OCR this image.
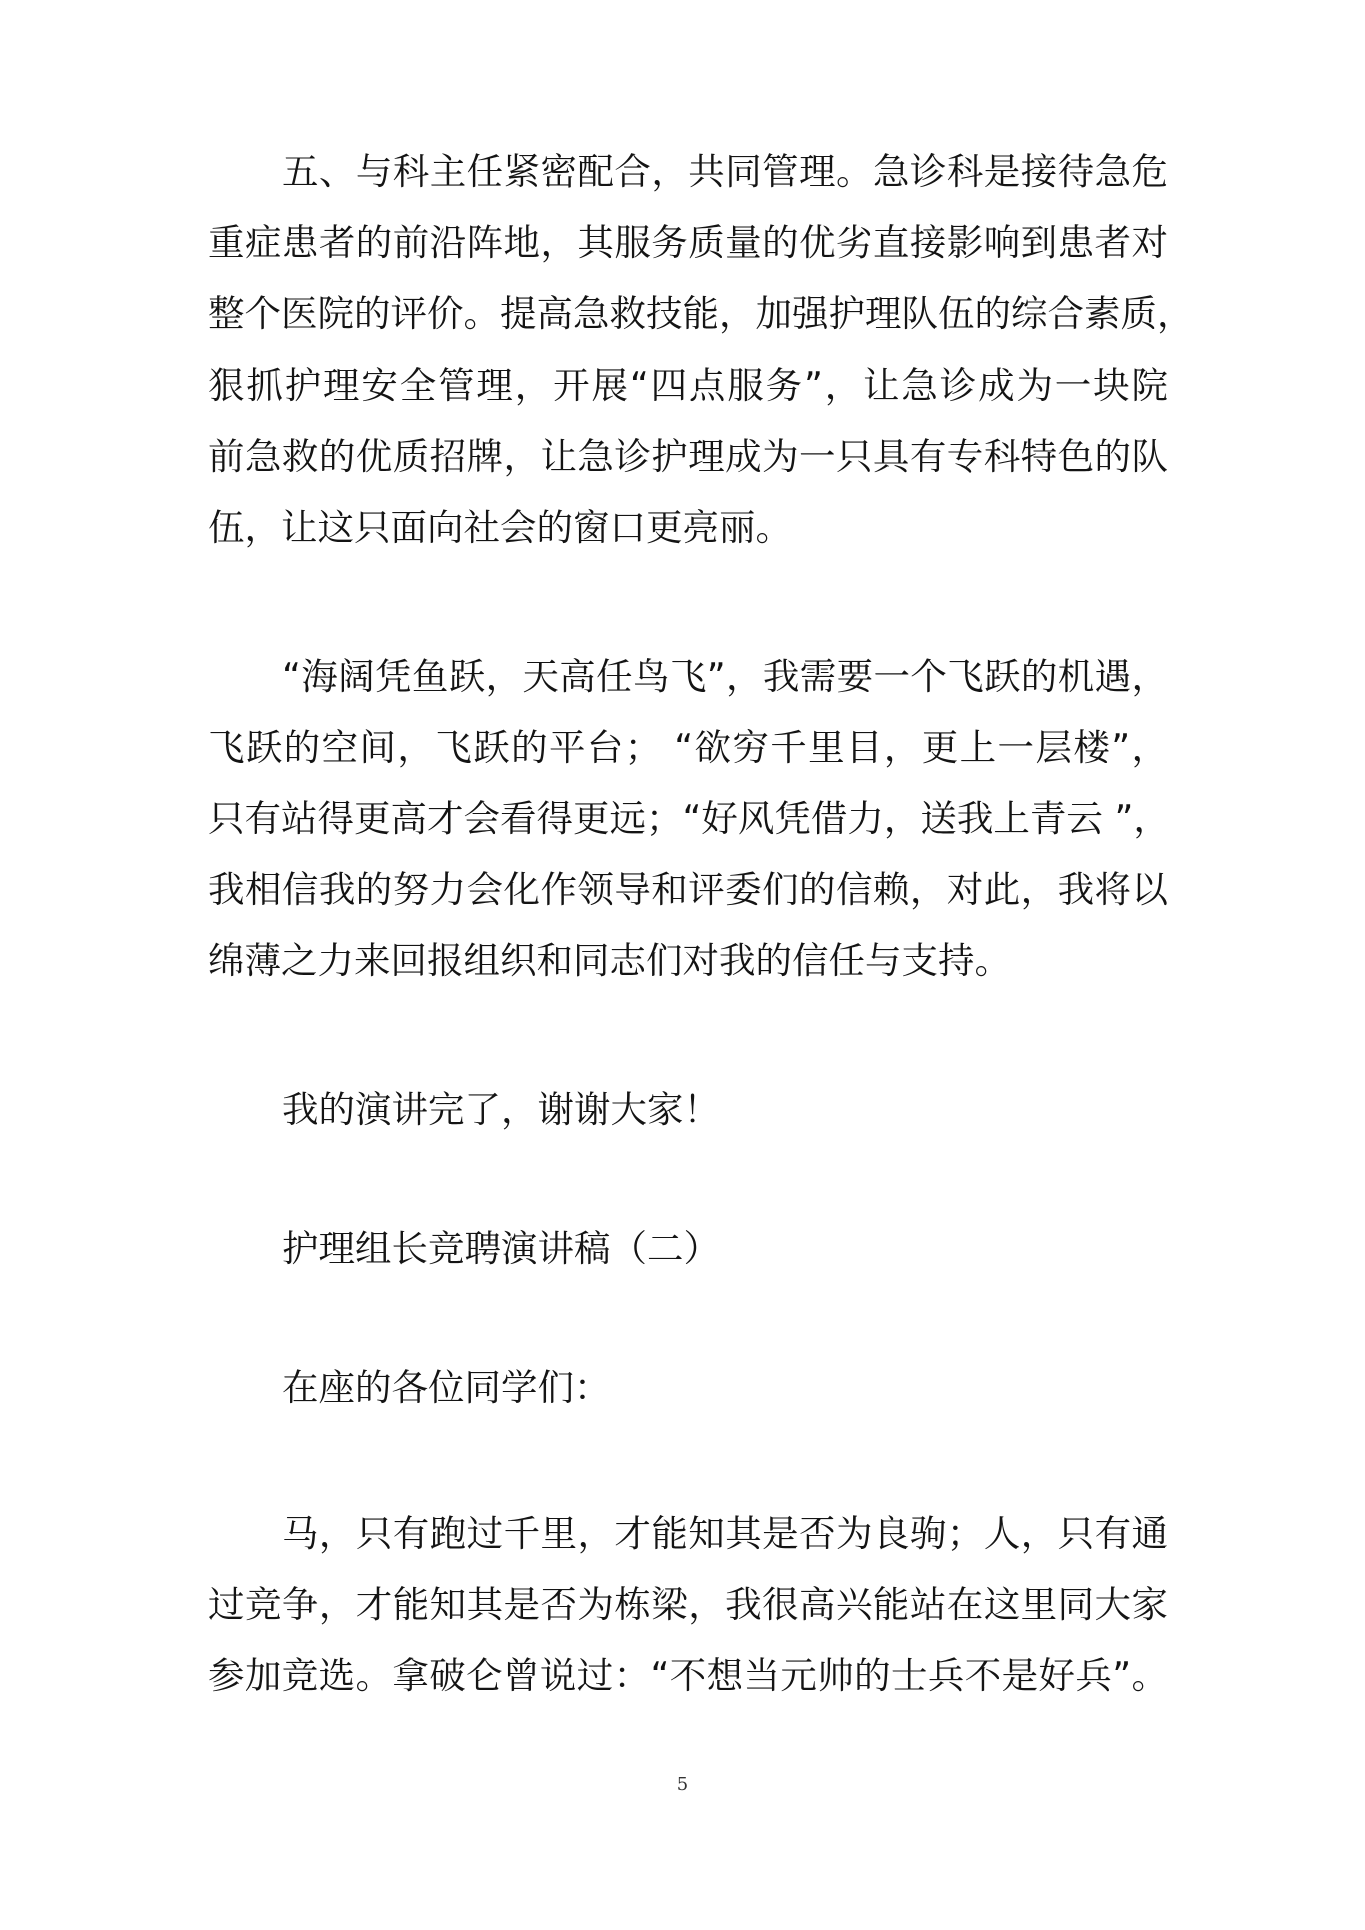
五、与科主任紧密配合，共同管理。急诊科是接待急危
重症患者的前沿阵地，其服务质量的优劣直接影响到患者对
整个医院的评价。提高急救技能，加强护理队伍的综合素质，
狠抓护理安全管理，开展“四点服务”，让急诊成为一块院
前急救的优质招牌，让急诊护理成为一只具有专科特色的队
伍，让这只面向社会的窗口更亮丽。
“海阔凭鱼跃，天高任鸟飞”，我需要一个飞跃的机遇，
飞跃的空间，飞跃的平台； “欲穷千里目，更上一层楼”，
只有站得更高才会看得更远；“好风凭借力，送我上青云 ”，
我相信我的努力会化作领导和评委们的信赖，对此，我将以
绵薄之力来回报组织和同志们对我的信任与支持。
我的演讲完了，谢谢大家！
护理组长竞聘演讲稿（二）
在座的各位同学们：
马，只有跑过千里，才能知其是否为良驹；人，只有通
过竞争，才能知其是否为栋梁，我很高兴能站在这里同大家
参加竞选。拿破仑曾说过：“不想当元帅的士兵不是好兵”。
5
